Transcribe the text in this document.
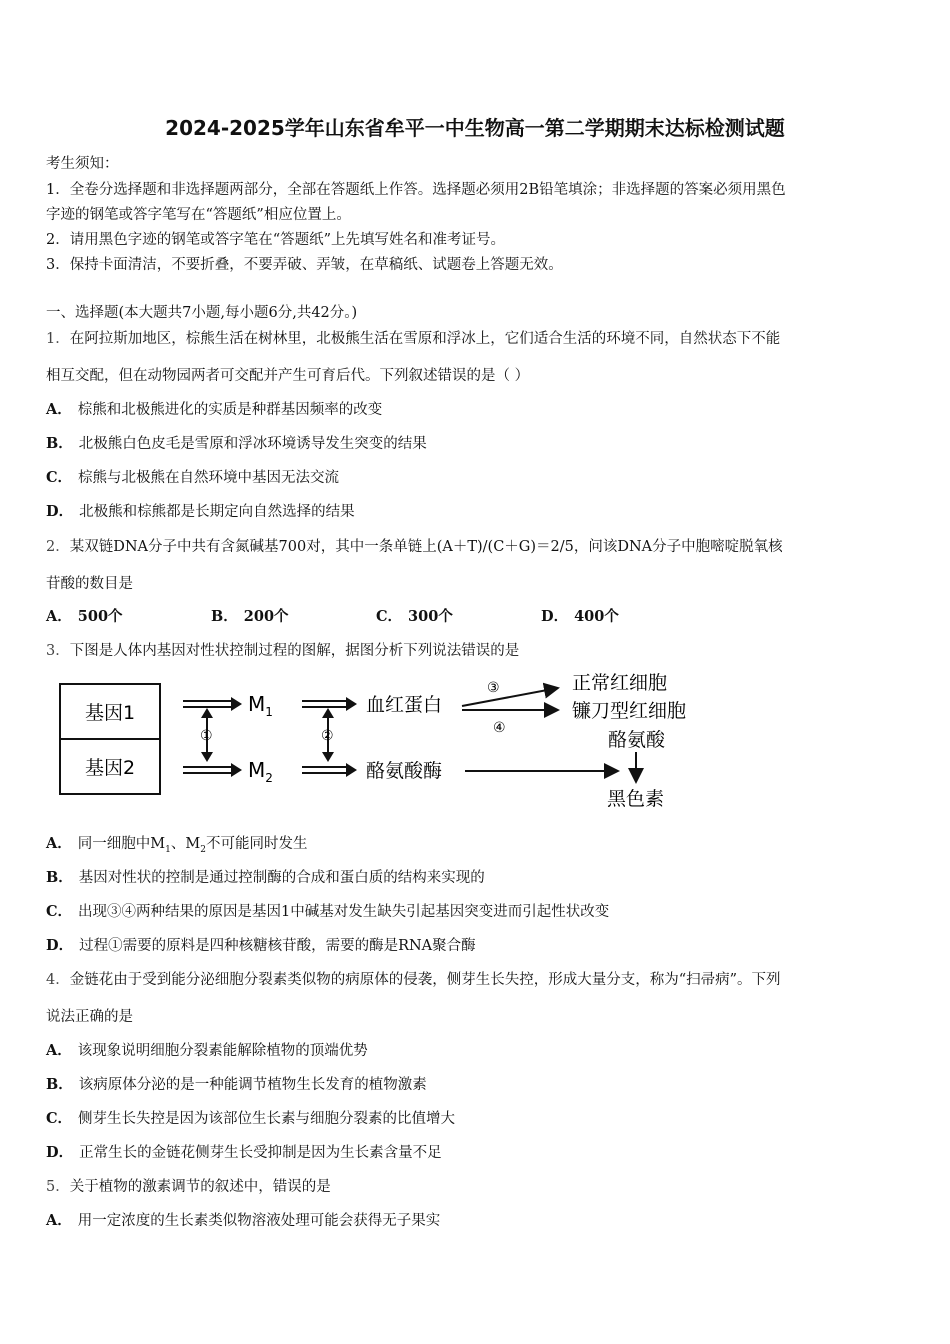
2024-2025学年山东省牟平一中生物高一第二学期期末达标检测试题
考生须知：
1．全卷分选择题和非选择题两部分，全部在答题纸上作答。选择题必须用2B铅笔填涂；非选择题的答案必须用黑色
字迹的钢笔或答字笔写在“答题纸”相应位置上。
2．请用黑色字迹的钢笔或答字笔在“答题纸”上先填写姓名和准考证号。
3．保持卡面清洁，不要折叠，不要弄破、弄皱，在草稿纸、试题卷上答题无效。
一、选择题(本大题共7小题,每小题6分,共42分。)
1．在阿拉斯加地区，棕熊生活在树林里，北极熊生活在雪原和浮冰上，它们适合生活的环境不同，自然状态下不能
相互交配，但在动物园两者可交配并产生可育后代。下列叙述错误的是（ ）
A． 棕熊和北极熊进化的实质是种群基因频率的改变
B． 北极熊白色皮毛是雪原和浮冰环境诱导发生突变的结果
C． 棕熊与北极熊在自然环境中基因无法交流
D． 北极熊和棕熊都是长期定向自然选择的结果
2．某双链DNA分子中共有含氮碱基700对，其中一条单链上(A＋T)/(C＋G)＝2/5，问该DNA分子中胞嘧啶脱氧核
苷酸的数目是
A． 500个	B． 200个	C． 300个	D． 400个
3．下图是人体内基因对性状控制过程的图解，据图分析下列说法错误的是
基因1
基因2
①
$M_1$
$M_2$
②
血红蛋白
酪氨酸酶
③
④
正常红细胞
镰刀型红细胞
酪氨酸
黑色素
A． 同一细胞中$M_1$、$M_2$不可能同时发生
B． 基因对性状的控制是通过控制酶的合成和蛋白质的结构来实现的
C． 出现③④两种结果的原因是基因1中碱基对发生缺失引起基因突变进而引起性状改变
D． 过程①需要的原料是四种核糖核苷酸，需要的酶是RNA聚合酶
4．金链花由于受到能分泌细胞分裂素类似物的病原体的侵袭，侧芽生长失控，形成大量分支，称为“扫帚病”。下列
说法正确的是
A． 该现象说明细胞分裂素能解除植物的顶端优势
B． 该病原体分泌的是一种能调节植物生长发育的植物激素
C． 侧芽生长失控是因为该部位生长素与细胞分裂素的比值增大
D． 正常生长的金链花侧芽生长受抑制是因为生长素含量不足
5．关于植物的激素调节的叙述中，错误的是
A． 用一定浓度的生长素类似物溶液处理可能会获得无子果实
